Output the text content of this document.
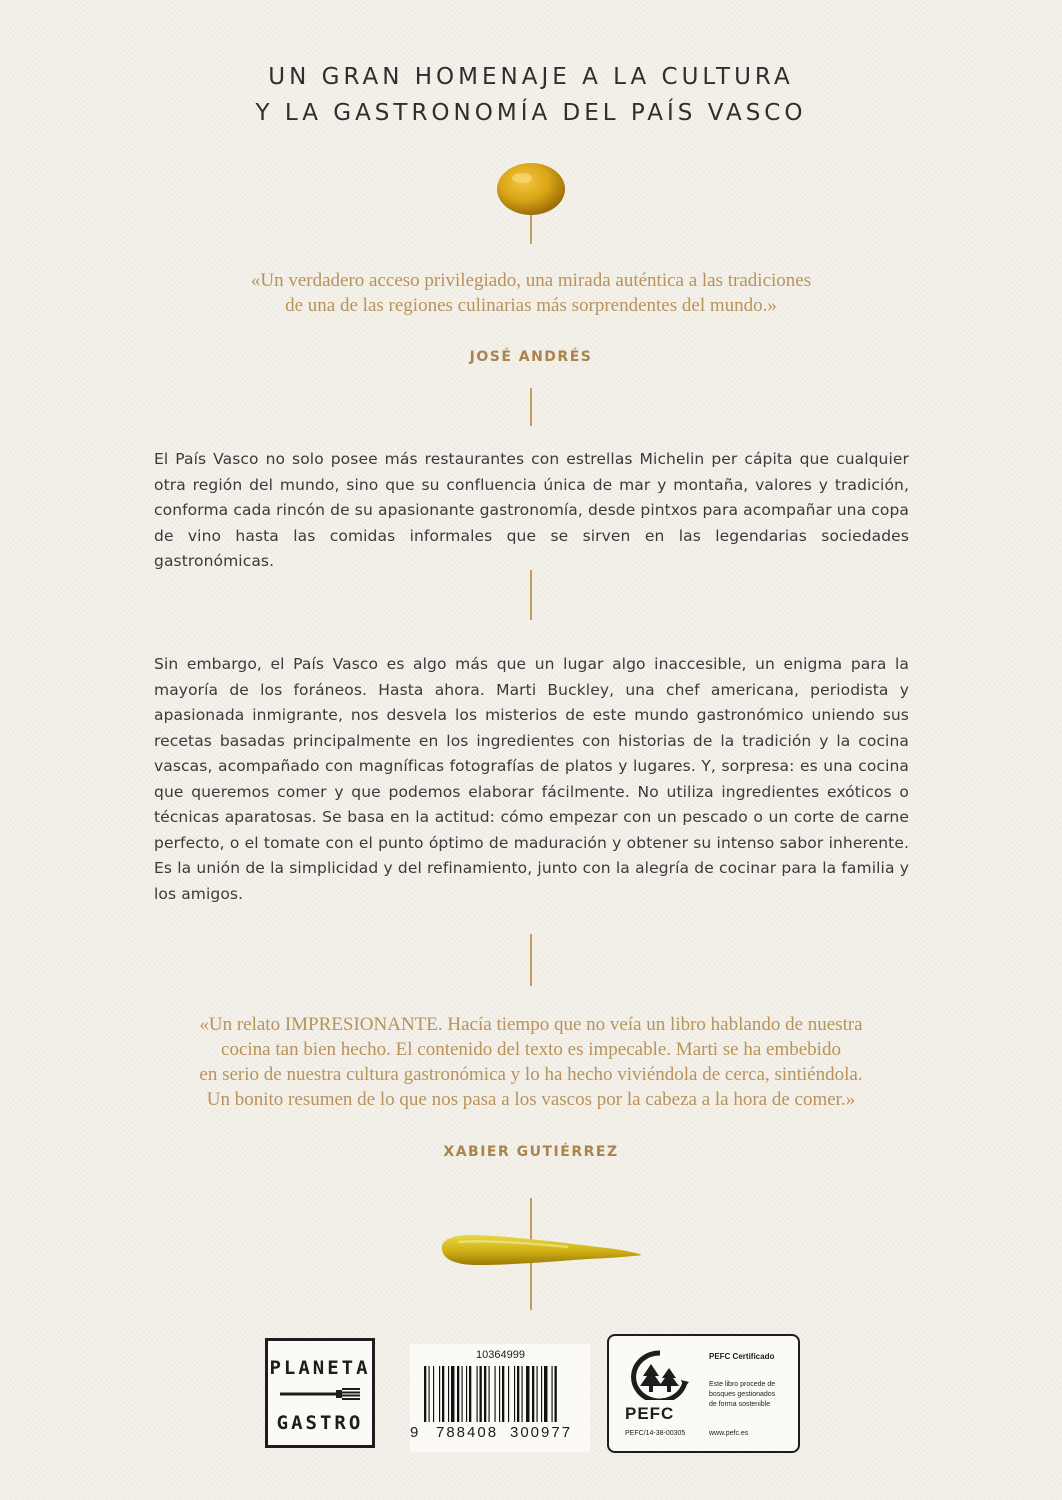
UN GRAN HOMENAJE A LA CULTURA
Y LA GASTRONOMÍA DEL PAÍS VASCO
«Un verdadero acceso privilegiado, una mirada auténtica a las tradiciones
de una de las regiones culinarias más sorprendentes del mundo.»
JOSÉ ANDRÉS
El País Vasco no solo posee más restaurantes con estrellas Michelin per cápita que cualquier otra región del mundo, sino que su confluencia única de mar y montaña, valores y tradición, conforma cada rincón de su apasionante gastronomía, desde pintxos para acompañar una copa de vino hasta las comidas informales que se sirven en las legendarias sociedades gastronómicas.
Sin embargo, el País Vasco es algo más que un lugar algo inaccesible, un enigma para la mayoría de los foráneos. Hasta ahora. Marti Buckley, una chef americana, periodista y apasionada inmigrante, nos desvela los misterios de este mundo gastronómico uniendo sus recetas basadas principalmente en los ingredientes con historias de la tradición y la cocina vascas, acompañado con magníficas fotografías de platos y lugares. Y, sorpresa: es una cocina que queremos comer y que podemos elaborar fácilmente. No utiliza ingredientes exóticos o técnicas aparatosas. Se basa en la actitud: cómo empezar con un pescado o un corte de carne perfecto, o el tomate con el punto óptimo de maduración y obtener su intenso sabor inherente. Es la unión de la simplicidad y del refinamiento, junto con la alegría de cocinar para la familia y los amigos.
«Un relato IMPRESIONANTE. Hacía tiempo que no veía un libro hablando de nuestra
cocina tan bien hecho. El contenido del texto es impecable. Marti se ha embebido
en serio de nuestra cultura gastronómica y lo ha hecho viviéndola de cerca, sintiéndola.
Un bonito resumen de lo que nos pasa a los vascos por la cabeza a la hora de comer.»
XABIER GUTIÉRREZ
PLANETA
GASTRO
10364999
9 788408 300977
PEFC
PEFC Certificado
Este libro procede de
bosques gestionados
de forma sostenible
PEFC/14-38-00305	www.pefc.es
